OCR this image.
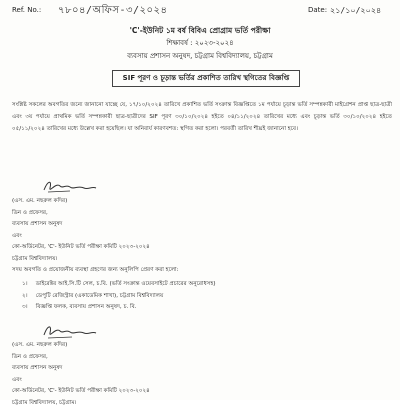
Ref. No.: ৭৮০৪/অফিস-৩/২০২৪	Date: ২১/১০/২০২৪
'C'-ইউনিট ১ম বর্ষ বিবিএ প্রোগ্রাম ভর্তি পরীক্ষা
শিক্ষাবর্ষ : ২০২৩-২০২৪
ব্যবসায় প্রশাসন অনুষদ, চট্টগ্রাম বিশ্ববিদ্যালয়, চট্টগ্রাম
SIF পূরণ ও চূড়ান্ত ভর্তির প্রকাশিত তারিখ স্থগিতের বিজ্ঞপ্তি
সংশ্লিষ্ট সকলের অবগতির জন্যে জানানো যাচ্ছে যে, ১৭/১০/২০২৪ তারিখে প্রকাশিত ভর্তি সংক্রান্ত বিজ্ঞপ্তিতে ১ম পর্যায়ে চূড়ান্ত ভর্তি সম্পন্নকারী মাইগ্রেশন প্রাপ্ত ছাত্র-ছাত্রী এবং ৩য় পর্যায়ে প্রাথমিক ভর্তি সম্পন্নকারী ছাত্র-ছাত্রীদের SIF পূরণ ৩০/১০/২০২৪ হইতে ০৪/১১/২০২৪ তারিখের মধ্যে এবং চূড়ান্ত ভর্তি ৩০/১০/২০২৪ হইতে ০৫/১১/২০২৪ তারিখের মধ্যে উল্লেখ করা হয়েছিল। যা অনিবার্য কারণবশত: স্থগিত করা হলো। পরবর্তী তারিখ শীঘ্রই জানানো হবে।
(এস. এম. নছরুল কদির)
ডিন ও প্রফেসর,
ব্যবসায় প্রশাসন অনুষদ
এবং
কো-অর্ডিনেটর, 'C'- ইউনিট ভর্তি পরীক্ষা কমিটি ২০২৩-২০২৪
চট্টগ্রাম বিশ্ববিদ্যালয়।
সদয় অবগতি ও প্রয়োজনীয় ব্যবস্থা গ্রহণের জন্য অনুলিপি প্রেরণ করা হলো:
১। ডাইরেক্টর আই.সি.টি সেল, চ.বি. (ভর্তি সংক্রান্ত ওয়েবসাইটে প্রচারের অনুরোধসহ)
২। ডেপুটি রেজিস্ট্রার (একাডেমিক শাখা), চট্টগ্রাম বিশ্ববিদ্যালয়
৩। বিজ্ঞপ্তি ফলক, ব্যবসায় প্রশাসন অনুষদ, চ. বি.
(এস. এম. নছরুল কদির)
ডিন ও প্রফেসর,
ব্যবসায় প্রশাসন অনুষদ
এবং
কো-অর্ডিনেটর, 'C'- ইউনিট ভর্তি পরীক্ষা কমিটি ২০২৩-২০২৪
চট্টগ্রাম বিশ্ববিদ্যালয়, চট্টগ্রাম।
